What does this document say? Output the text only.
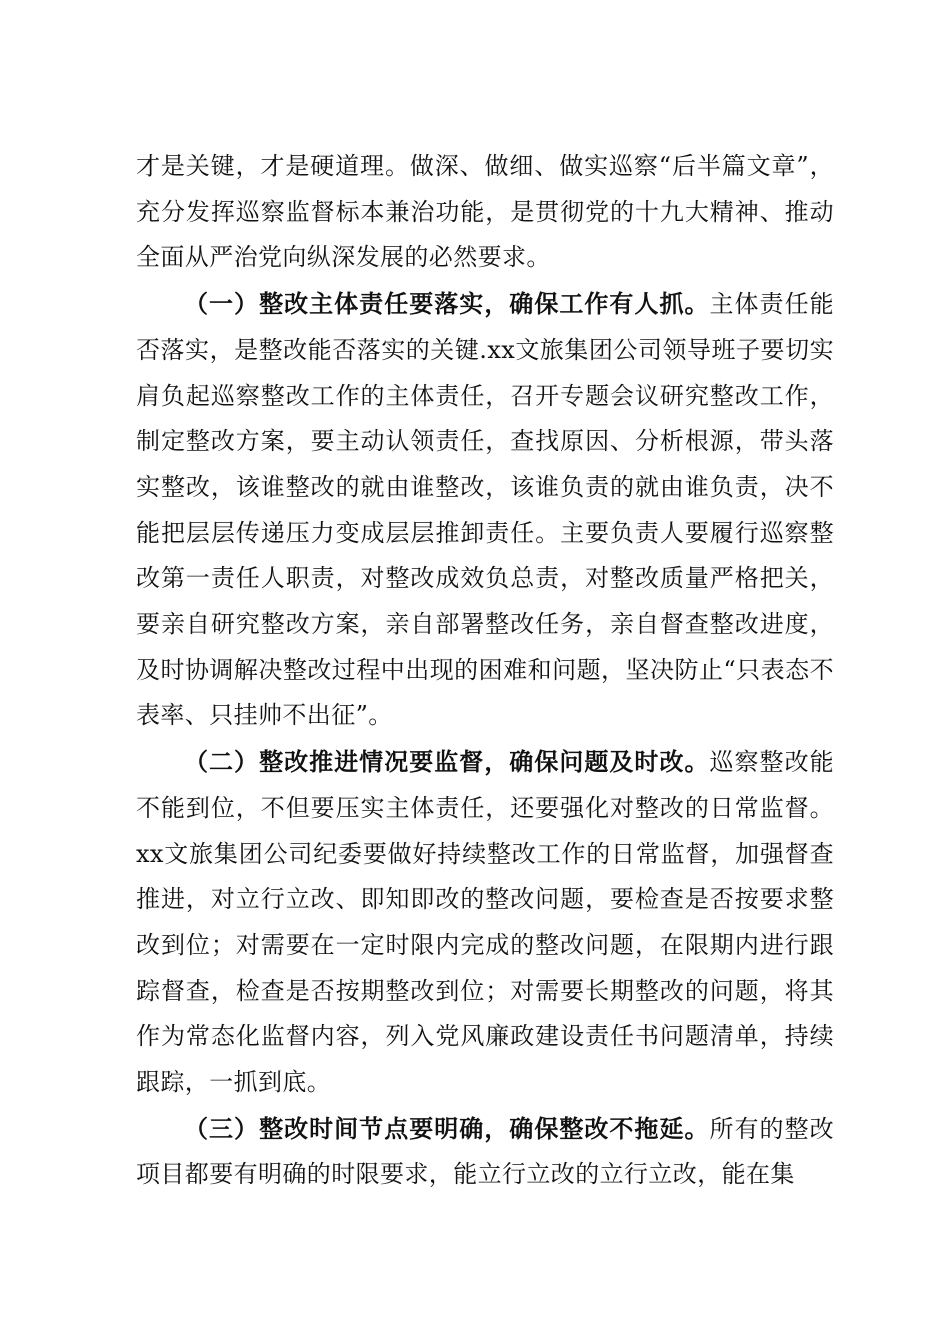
才是关键，才是硬道理。做深、做细、做实巡察“后半篇文章”，充分发挥巡察监督标本兼治功能，是贯彻党的十九大精神、推动全面从严治党向纵深发展的必然要求。

（一）整改主体责任要落实，确保工作有人抓。主体责任能否落实，是整改能否落实的关键.xx文旅集团公司领导班子要切实肩负起巡察整改工作的主体责任，召开专题会议研究整改工作，制定整改方案，要主动认领责任，查找原因、分析根源，带头落实整改，该谁整改的就由谁整改，该谁负责的就由谁负责，决不能把层层传递压力变成层层推卸责任。主要负责人要履行巡察整改第一责任人职责，对整改成效负总责，对整改质量严格把关，要亲自研究整改方案，亲自部署整改任务，亲自督查整改进度，及时协调解决整改过程中出现的困难和问题，坚决防止“只表态不表率、只挂帅不出征”。

（二）整改推进情况要监督，确保问题及时改。巡察整改能不能到位，不但要压实主体责任，还要强化对整改的日常监督。xx文旅集团公司纪委要做好持续整改工作的日常监督，加强督查推进，对立行立改、即知即改的整改问题，要检查是否按要求整改到位；对需要在一定时限内完成的整改问题，在限期内进行跟踪督查，检查是否按期整改到位；对需要长期整改的问题，将其作为常态化监督内容，列入党风廉政建设责任书问题清单，持续跟踪，一抓到底。

（三）整改时间节点要明确，确保整改不拖延。所有的整改项目都要有明确的时限要求，能立行立改的立行立改，能在集
